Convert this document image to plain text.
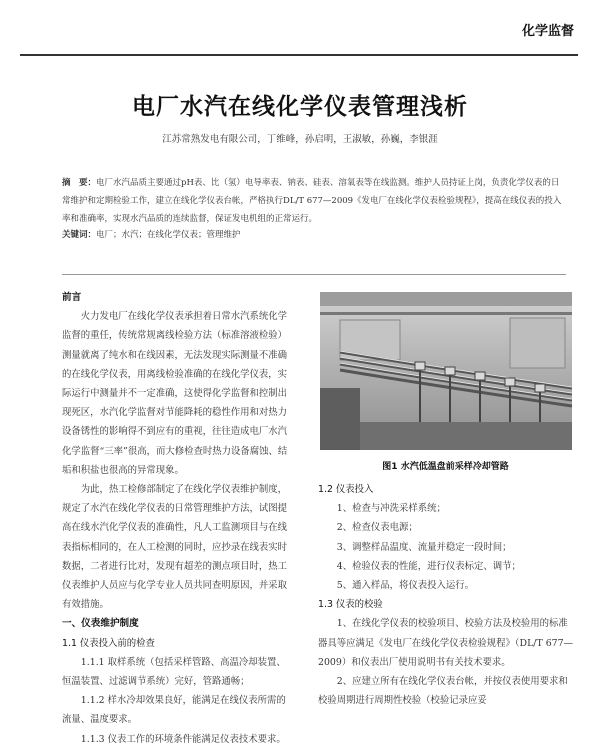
化学监督
电厂水汽在线化学仪表管理浅析
江苏常熟发电有限公司，丁维峰，孙启明，王淑敏，孙巍，李银涯
摘　要：电厂水汽品质主要通过pH表、比（氢）电导率表、钠表、硅表、溶氧表等在线监测。维护人员持证上岗，负责化学仪表的日常维护和定期检验工作，建立在线化学仪表台帐，严格执行DL/T 677—2009《发电厂在线化学仪表检验规程》，提高在线仪表的投入率和准确率，实现水汽品质的连续监督，保证发电机组的正常运行。
关键词：电厂；水汽；在线化学仪表；管理维护

前言

火力发电厂在线化学仪表承担着日常水汽系统化学监督的重任，传统常规离线检验方法（标准溶液检验）测量就离了纯水和在线因素，无法发现实际测量不准确的在线化学仪表，用离线检验准确的在线化学仪表，实际运行中测量并不一定准确，这使得化学监督和控制出现死区，水汽化学监督对节能降耗的稳性作用和对热力设备锈性的影响得不到应有的重视，往往造成电厂水汽化学监督“三率”很高，而大修检查时热力设备腐蚀、结垢和积盐也很高的异常现象。

为此，热工检修部制定了在线化学仪表维护制度，规定了水汽在线化学仪表的日常管理维护方法，试图提高在线水汽化学仪表的准确性，凡人工监测项目与在线表指标相同的，在人工检测的同时，应抄录在线表实时数据，二者进行比对，发现有超差的测点项目时，热工仪表维护人员应与化学专业人员共同查明原因，并采取有效措施。

一、仪表维护制度

1.1 仪表投入前的检查

1.1.1 取样系统（包括采样管路、高温冷却装置、恒温装置、过滤调节系统）完好，管路通畅；

1.1.2 样水冷却效果良好，能满足在线仪表所需的流量、温度要求。

1.1.3 仪表工作的环境条件能满足仪表技术要求。

图1 水汽低温盘前采样冷却管路

1.2 仪表投入

1、检查与冲洗采样系统；

2、检查仪表电源；

3、调整样品温度、流量并稳定一段时间；

4、检验仪表的性能，进行仪表标定、调节；

5、通入样品，将仪表投入运行。

1.3 仪表的校验

1、在线化学仪表的校验项目、校验方法及校验用的标准器具等应满足《发电厂在线化学仪表检验规程》（DL/T 677—2009）和仪表出厂使用说明书有关技术要求。

2、应建立所有在线化学仪表台帐，并按仪表使用要求和校验周期进行周期性校验（校验记录应妥
